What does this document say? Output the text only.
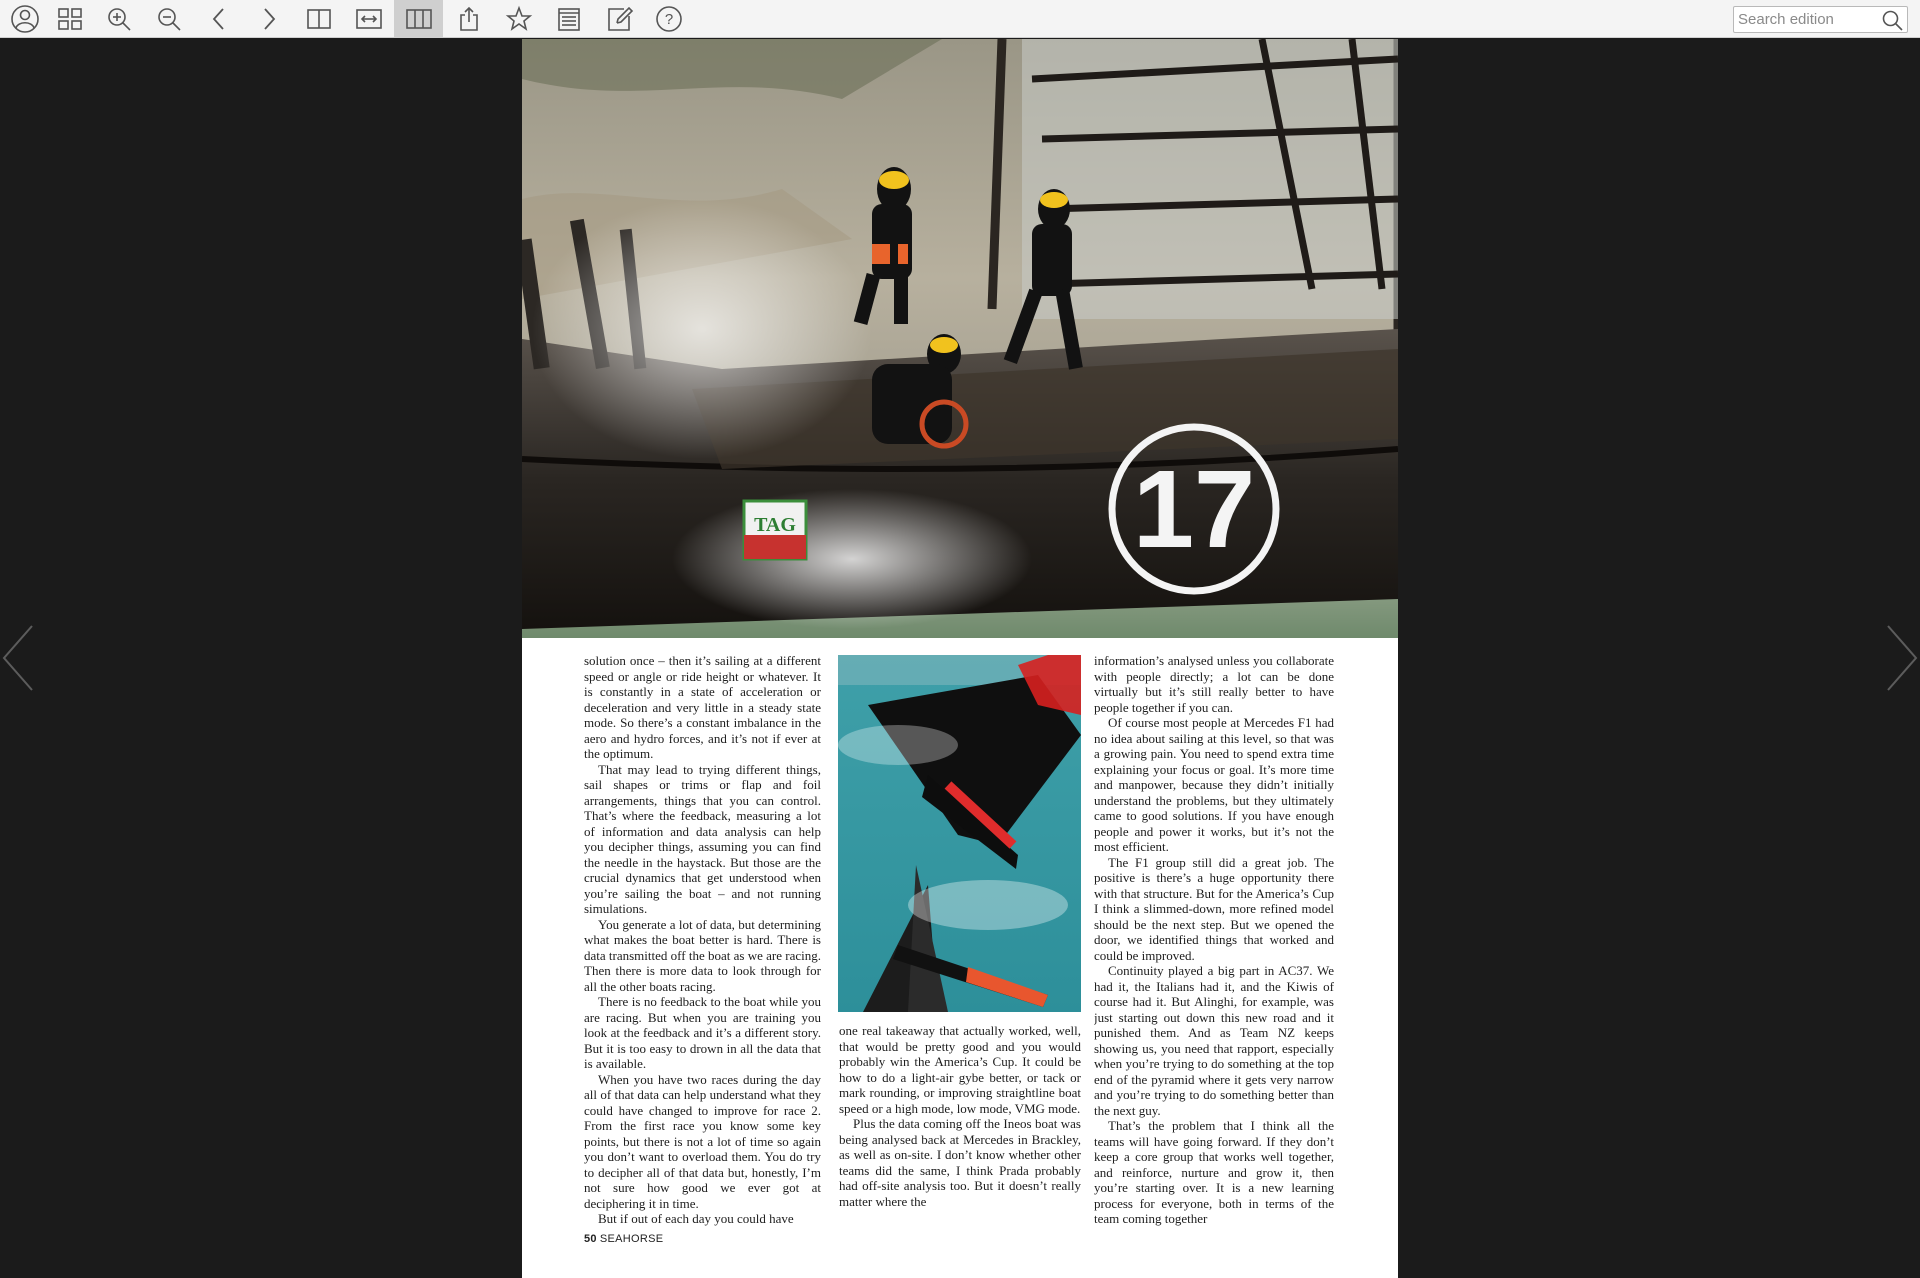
?
Search edition
17
TAG

solution once – then it’s sailing at a different speed or angle or ride height or whatever. It is constantly in a state of acceleration or deceleration and very little in a steady state mode. So there’s a constant imbalance in the aero and hydro forces, and it’s not if ever at the optimum.

That may lead to trying different things, sail shapes or trims or flap and foil arrangements, things that you can control. That’s where the feedback, measuring a lot of information and data analysis can help you decipher things, assuming you can find the needle in the haystack. But those are the crucial dynamics that get understood when you’re sailing the boat – and not running simulations.

You generate a lot of data, but determining what makes the boat better is hard. There is data transmitted off the boat as we are racing. Then there is more data to look through for all the other boats racing.

There is no feedback to the boat while you are racing. But when you are training you look at the feedback and it’s a different story. But it is too easy to drown in all the data that is available.

When you have two races during the day all of that data can help understand what they could have changed to improve for race 2. From the first race you know some key points, but there is not a lot of time so again you don’t want to overload them. You do try to decipher all of that data but, honestly, I’m not sure how good we ever got at deciphering it in time.

But if out of each day you could have

one real takeaway that actually worked, well, that would be pretty good and you would probably win the America’s Cup. It could be how to do a light-air gybe better, or tack or mark rounding, or improving straightline boat speed or a high mode, low mode, VMG mode.

Plus the data coming off the Ineos boat was being analysed back at Mercedes in Brackley, as well as on-site. I don’t know whether other teams did the same, I think Prada probably had off-site analysis too. But it doesn’t really matter where the

information’s analysed unless you collaborate with people directly; a lot can be done virtually but it’s still really better to have people together if you can.

Of course most people at Mercedes F1 had no idea about sailing at this level, so that was a growing pain. You need to spend extra time explaining your focus or goal. It’s more time and manpower, because they didn’t initially understand the problems, but they ultimately came to good solutions. If you have enough people and power it works, but it’s not the most efficient.

The F1 group still did a great job. The positive is there’s a huge opportunity there with that structure. But for the America’s Cup I think a slimmed-down, more refined model should be the next step. But we opened the door, we identified things that worked and could be improved.

Continuity played a big part in AC37. We had it, the Italians had it, and the Kiwis of course had it. But Alinghi, for example, was just starting out down this new road and it punished them. And as Team NZ keeps showing us, you need that rapport, especially when you’re trying to do something at the top end of the pyramid where it gets very narrow and you’re trying to do something better than the next guy.

That’s the problem that I think all the teams will have going forward. If they don’t keep a core group that works well together, and reinforce, nurture and grow it, then you’re starting over. It is a new learning process for everyone, both in terms of the team coming together

50 SEAHORSE
